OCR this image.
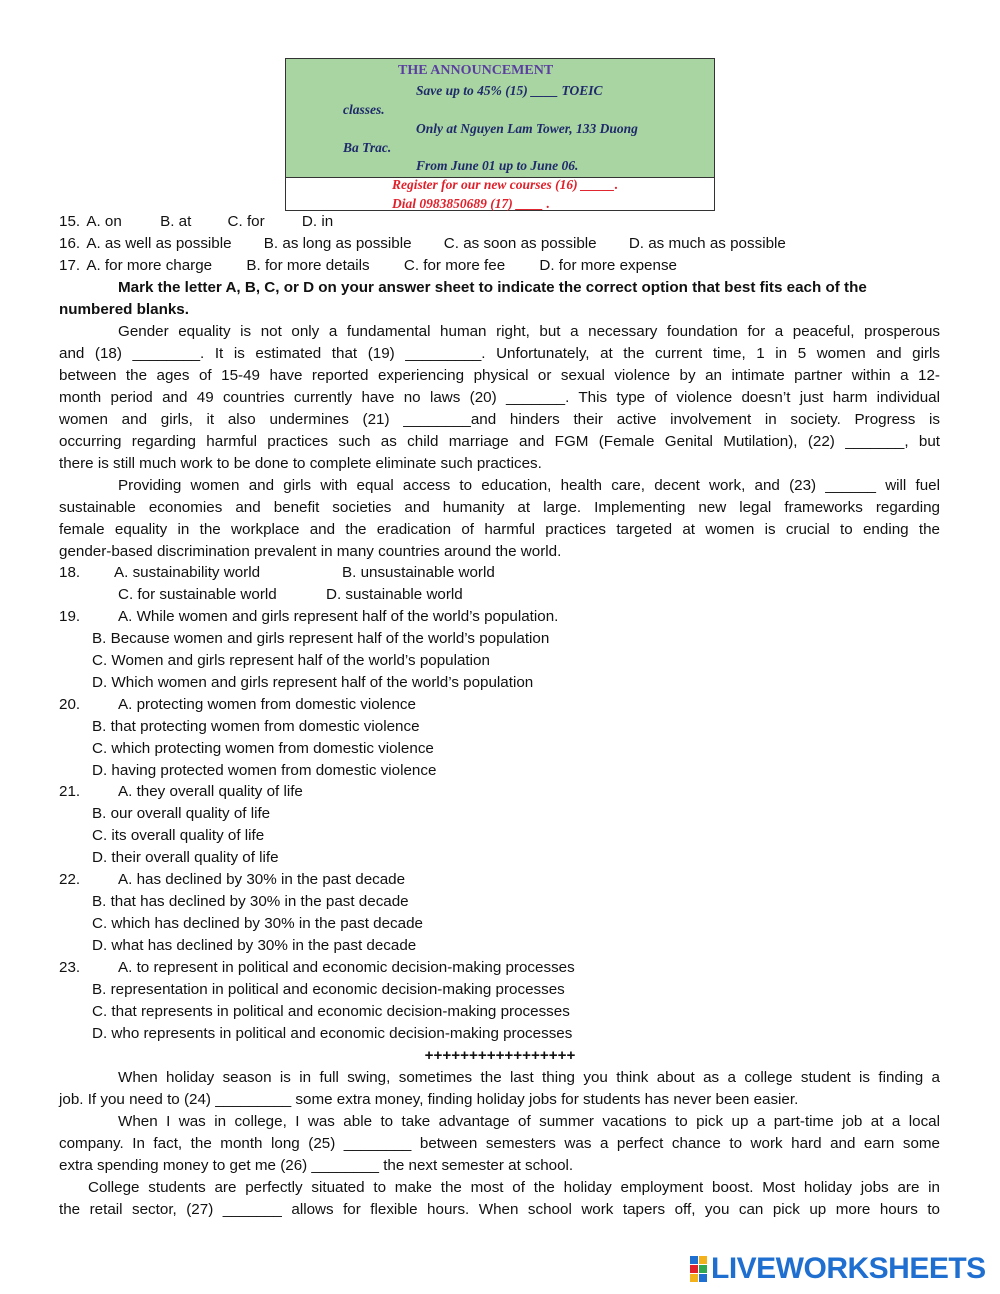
THE ANNOUNCEMENT
Save up to 45% (15) ____ TOEIC
classes.
Only at Nguyen Lam Tower, 133 Duong
Ba Trac.
From June 01 up to June 06.
Register for our new courses (16) _____.
Dial 0983850689 (17) ____ .
15. A. on	B. at C. for D. in
16. A. as well as possible B. as long as possible C. as soon as possible D. as much as possible
17. A. for more charge B. for more details C. for more fee D. for more expense
Mark the letter A, B, C, or D on your answer sheet to indicate the correct option that best fits each of the
numbered blanks.
Gender equality is not only a fundamental human right, but a necessary foundation for a peaceful, prosperous
and (18) ________. It is estimated that (19) _________. Unfortunately, at the current time, 1 in 5 women and girls
between the ages of 15-49 have reported experiencing physical or sexual violence by an intimate partner within a 12-
month period and 49 countries currently have no laws (20) _______. This type of violence doesn’t just harm individual
women and girls, it also undermines (21) ________and hinders their active involvement in society. Progress is
occurring regarding harmful practices such as child marriage and FGM (Female Genital Mutilation), (22) _______, but
there is still much work to be done to complete eliminate such practices.
Providing women and girls with equal access to education, health care, decent work, and (23) ______ will fuel
sustainable economies and benefit societies and humanity at large. Implementing new legal frameworks regarding
female equality in the workplace and the eradication of harmful practices targeted at women is crucial to ending the
gender-based discrimination prevalent in many countries around the world.
18. A. sustainability world	B. unsustainable world
C. for sustainable world	D. sustainable world
19. A. While women and girls represent half of the world’s population.
B. Because women and girls represent half of the world’s population
C. Women and girls represent half of the world’s population
D. Which women and girls represent half of the world’s population
20. A. protecting women from domestic violence
B. that protecting women from domestic violence
C. which protecting women from domestic violence
D. having protected women from domestic violence
21. A. they overall quality of life
B. our overall quality of life
C. its overall quality of life
D. their overall quality of life
22. A. has declined by 30% in the past decade
B. that has declined by 30% in the past decade
C. which has declined by 30% in the past decade
D. what has declined by 30% in the past decade
23. A. to represent in political and economic decision-making processes
B. representation in political and economic decision-making processes
C. that represents in political and economic decision-making processes
D. who represents in political and economic decision-making processes
+++++++++++++++++
When holiday season is in full swing, sometimes the last thing you think about as a college student is finding a
job. If you need to (24) _________ some extra money, finding holiday jobs for students has never been easier.
When I was in college, I was able to take advantage of summer vacations to pick up a part-time job at a local
company. In fact, the month long (25) ________ between semesters was a perfect chance to work hard and earn some
extra spending money to get me (26) ________ the next semester at school.
College students are perfectly situated to make the most of the holiday employment boost. Most holiday jobs are in
the retail sector, (27) _______ allows for flexible hours. When school work tapers off, you can pick up more hours to
LIVEWORKSHEETS
